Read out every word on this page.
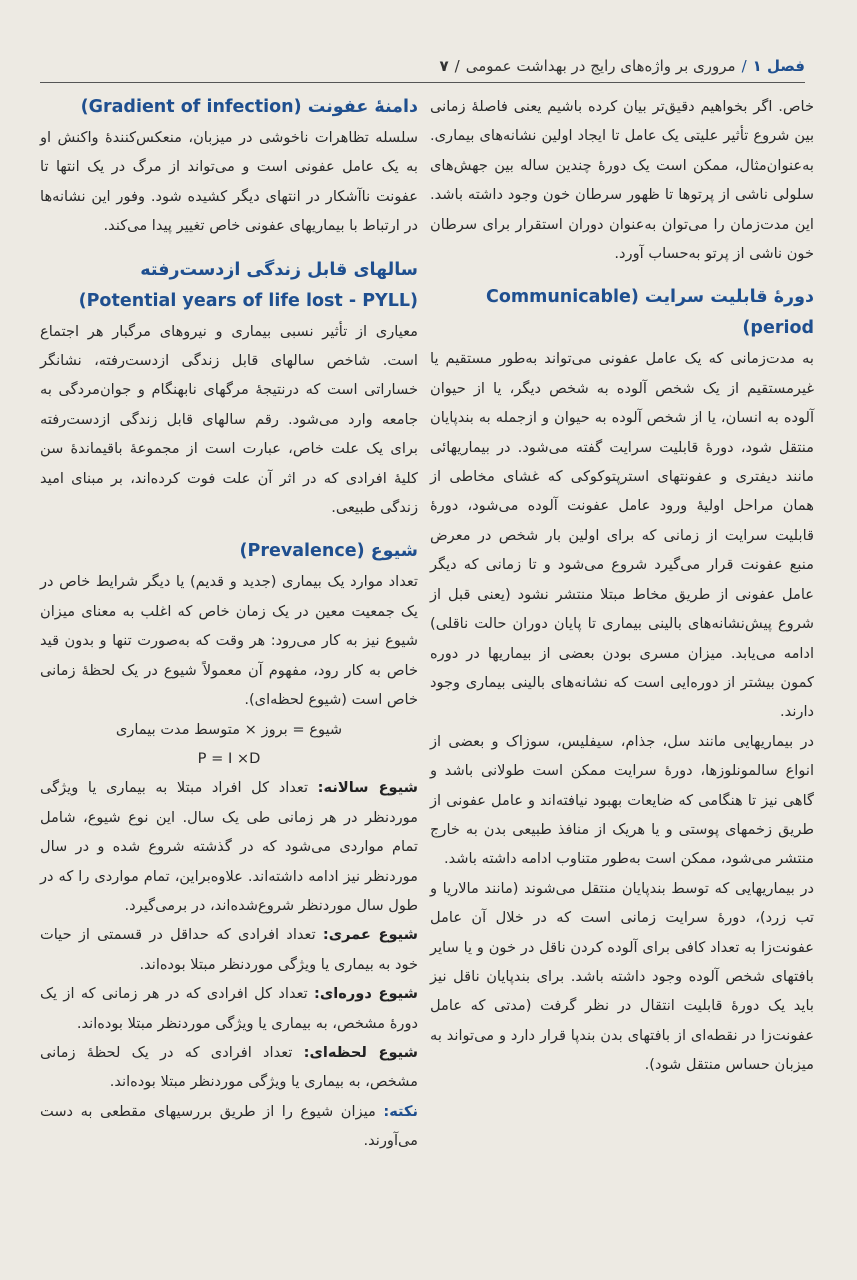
فصل ۱
/
مروری بر واژه‌های رایج در بهداشت عمومی
/
۷

خاص. اگر بخواهیم دقیق‌تر بیان کرده باشیم یعنی فاصلهٔ زمانی بین شروع تأثیر علیتی یک عامل تا ایجاد اولین نشانه‌های بیماری. به‌عنوان‌مثال، ممکن است یک دورهٔ چندین ساله بین جهش‌های سلولی ناشی از پرتوها تا ظهور سرطان خون وجود داشته باشد. این مدت‌زمان را می‌توان به‌عنوان دوران استقرار برای سرطان خون ناشی از پرتو به‌حساب آورد.

دورهٔ قابلیت سرایت (Communicable period)

به مدت‌زمانی که یک عامل عفونی می‌تواند به‌طور مستقیم یا غیرمستقیم از یک شخص آلوده به شخص دیگر، یا از حیوان آلوده به انسان، یا از شخص آلوده به حیوان و ازجمله به بندپایان منتقل شود، دورهٔ قابلیت سرایت گفته می‌شود. در بیماریهائی مانند دیفتری و عفونتهای استرپتوکوکی که غشای مخاطی از همان مراحل اولیهٔ ورود عامل عفونت آلوده می‌شود، دورهٔ قابلیت سرایت از زمانی که برای اولین بار شخص در معرض منبع عفونت قرار می‌گیرد شروع می‌شود و تا زمانی که دیگر عامل عفونی از طریق مخاط مبتلا منتشر نشود (یعنی قبل از شروع پیش‌نشانه‌های بالینی بیماری تا پایان دوران حالت ناقلی) ادامه می‌یابد. میزان مسری بودن بعضی از بیماریها در دوره کمون بیشتر از دوره‌ایی است که نشانه‌های بالینی بیماری وجود دارند.

در بیماریهایی مانند سل، جذام، سیفلیس، سوزاک و بعضی از انواع سالمونلوزها، دورهٔ سرایت ممکن است طولانی باشد و گاهی نیز تا هنگامی که ضایعات بهبود نیافته‌اند و عامل عفونی از طریق زخمهای پوستی و یا هریک از منافذ طبیعی بدن به خارج منتشر می‌شود، ممکن است به‌طور متناوب ادامه داشته باشد.

در بیماریهایی که توسط بندپایان منتقل می‌شوند (مانند مالاریا و تب زرد)، دورهٔ سرایت زمانی است که در خلال آن عامل عفونت‌زا به تعداد کافی برای آلوده کردن ناقل در خون و یا سایر بافتهای شخص آلوده وجود داشته باشد. برای بندپایان ناقل نیز باید یک دورهٔ قابلیت انتقال در نظر گرفت (مدتی که عامل عفونت‌زا در نقطه‌ای از بافتهای بدن بندپا قرار دارد و می‌تواند به میزبان حساس منتقل شود).

دامنهٔ عفونت (Gradient of infection)

سلسله تظاهرات ناخوشی در میزبان، منعکس‌کنندهٔ واکنش او به یک عامل عفونی است و می‌تواند از مرگ در یک انتها تا عفونت ناآشکار در انتهای دیگر کشیده شود. وفور این نشانه‌ها در ارتباط با بیماریهای عفونی خاص تغییر پیدا می‌کند.

سالهای قابل زندگی ازدست‌رفته (Potential years of life lost - PYLL)

معیاری از تأثیر نسبی بیماری و نیروهای مرگبار هر اجتماع است. شاخص سالهای قابل زندگی ازدست‌رفته، نشانگر خساراتی است که درنتیجهٔ مرگهای نابهنگام و جوان‌مردگی به جامعه وارد می‌شود. رقم سالهای قابل زندگی ازدست‌رفته برای یک علت خاص، عبارت است از مجموعهٔ باقیماندهٔ سن کلیهٔ افرادی که در اثر آن علت فوت کرده‌اند، بر مبنای امید زندگی طبیعی.

شیوع (Prevalence)

تعداد موارد یک بیماری (جدید و قدیم) یا دیگر شرایط خاص در یک جمعیت معین در یک زمان خاص که اغلب به معنای میزان شیوع نیز به کار می‌رود: هر وقت که به‌صورت تنها و بدون قید خاص به کار رود، مفهوم آن معمولاً شیوع در یک لحظهٔ زمانی خاص است (شیوع لحظه‌ای).

شیوع = بروز × متوسط مدت بیماری

P = I ×D

شیوع سالانه: تعداد کل افراد مبتلا به بیماری یا ویژگی موردنظر در هر زمانی طی یک سال. این نوع شیوع، شامل تمام مواردی می‌شود که در گذشته شروع شده و در سال موردنظر نیز ادامه داشته‌اند. علاوه‌براین، تمام مواردی را که در طول سال موردنظر شروع‌شده‌اند، در برمی‌گیرد.

شیوع عمری: تعداد افرادی که حداقل در قسمتی از حیات خود به بیماری یا ویژگی موردنظر مبتلا بوده‌اند.

شیوع دوره‌ای: تعداد کل افرادی که در هر زمانی که از یک دورهٔ مشخص، به بیماری یا ویژگی موردنظر مبتلا بوده‌اند.

شیوع لحظه‌ای: تعداد افرادی که در یک لحظهٔ زمانی مشخص، به بیماری یا ویژگی موردنظر مبتلا بوده‌اند.

نکته: میزان شیوع را از طریق بررسیهای مقطعی به دست می‌آورند.
